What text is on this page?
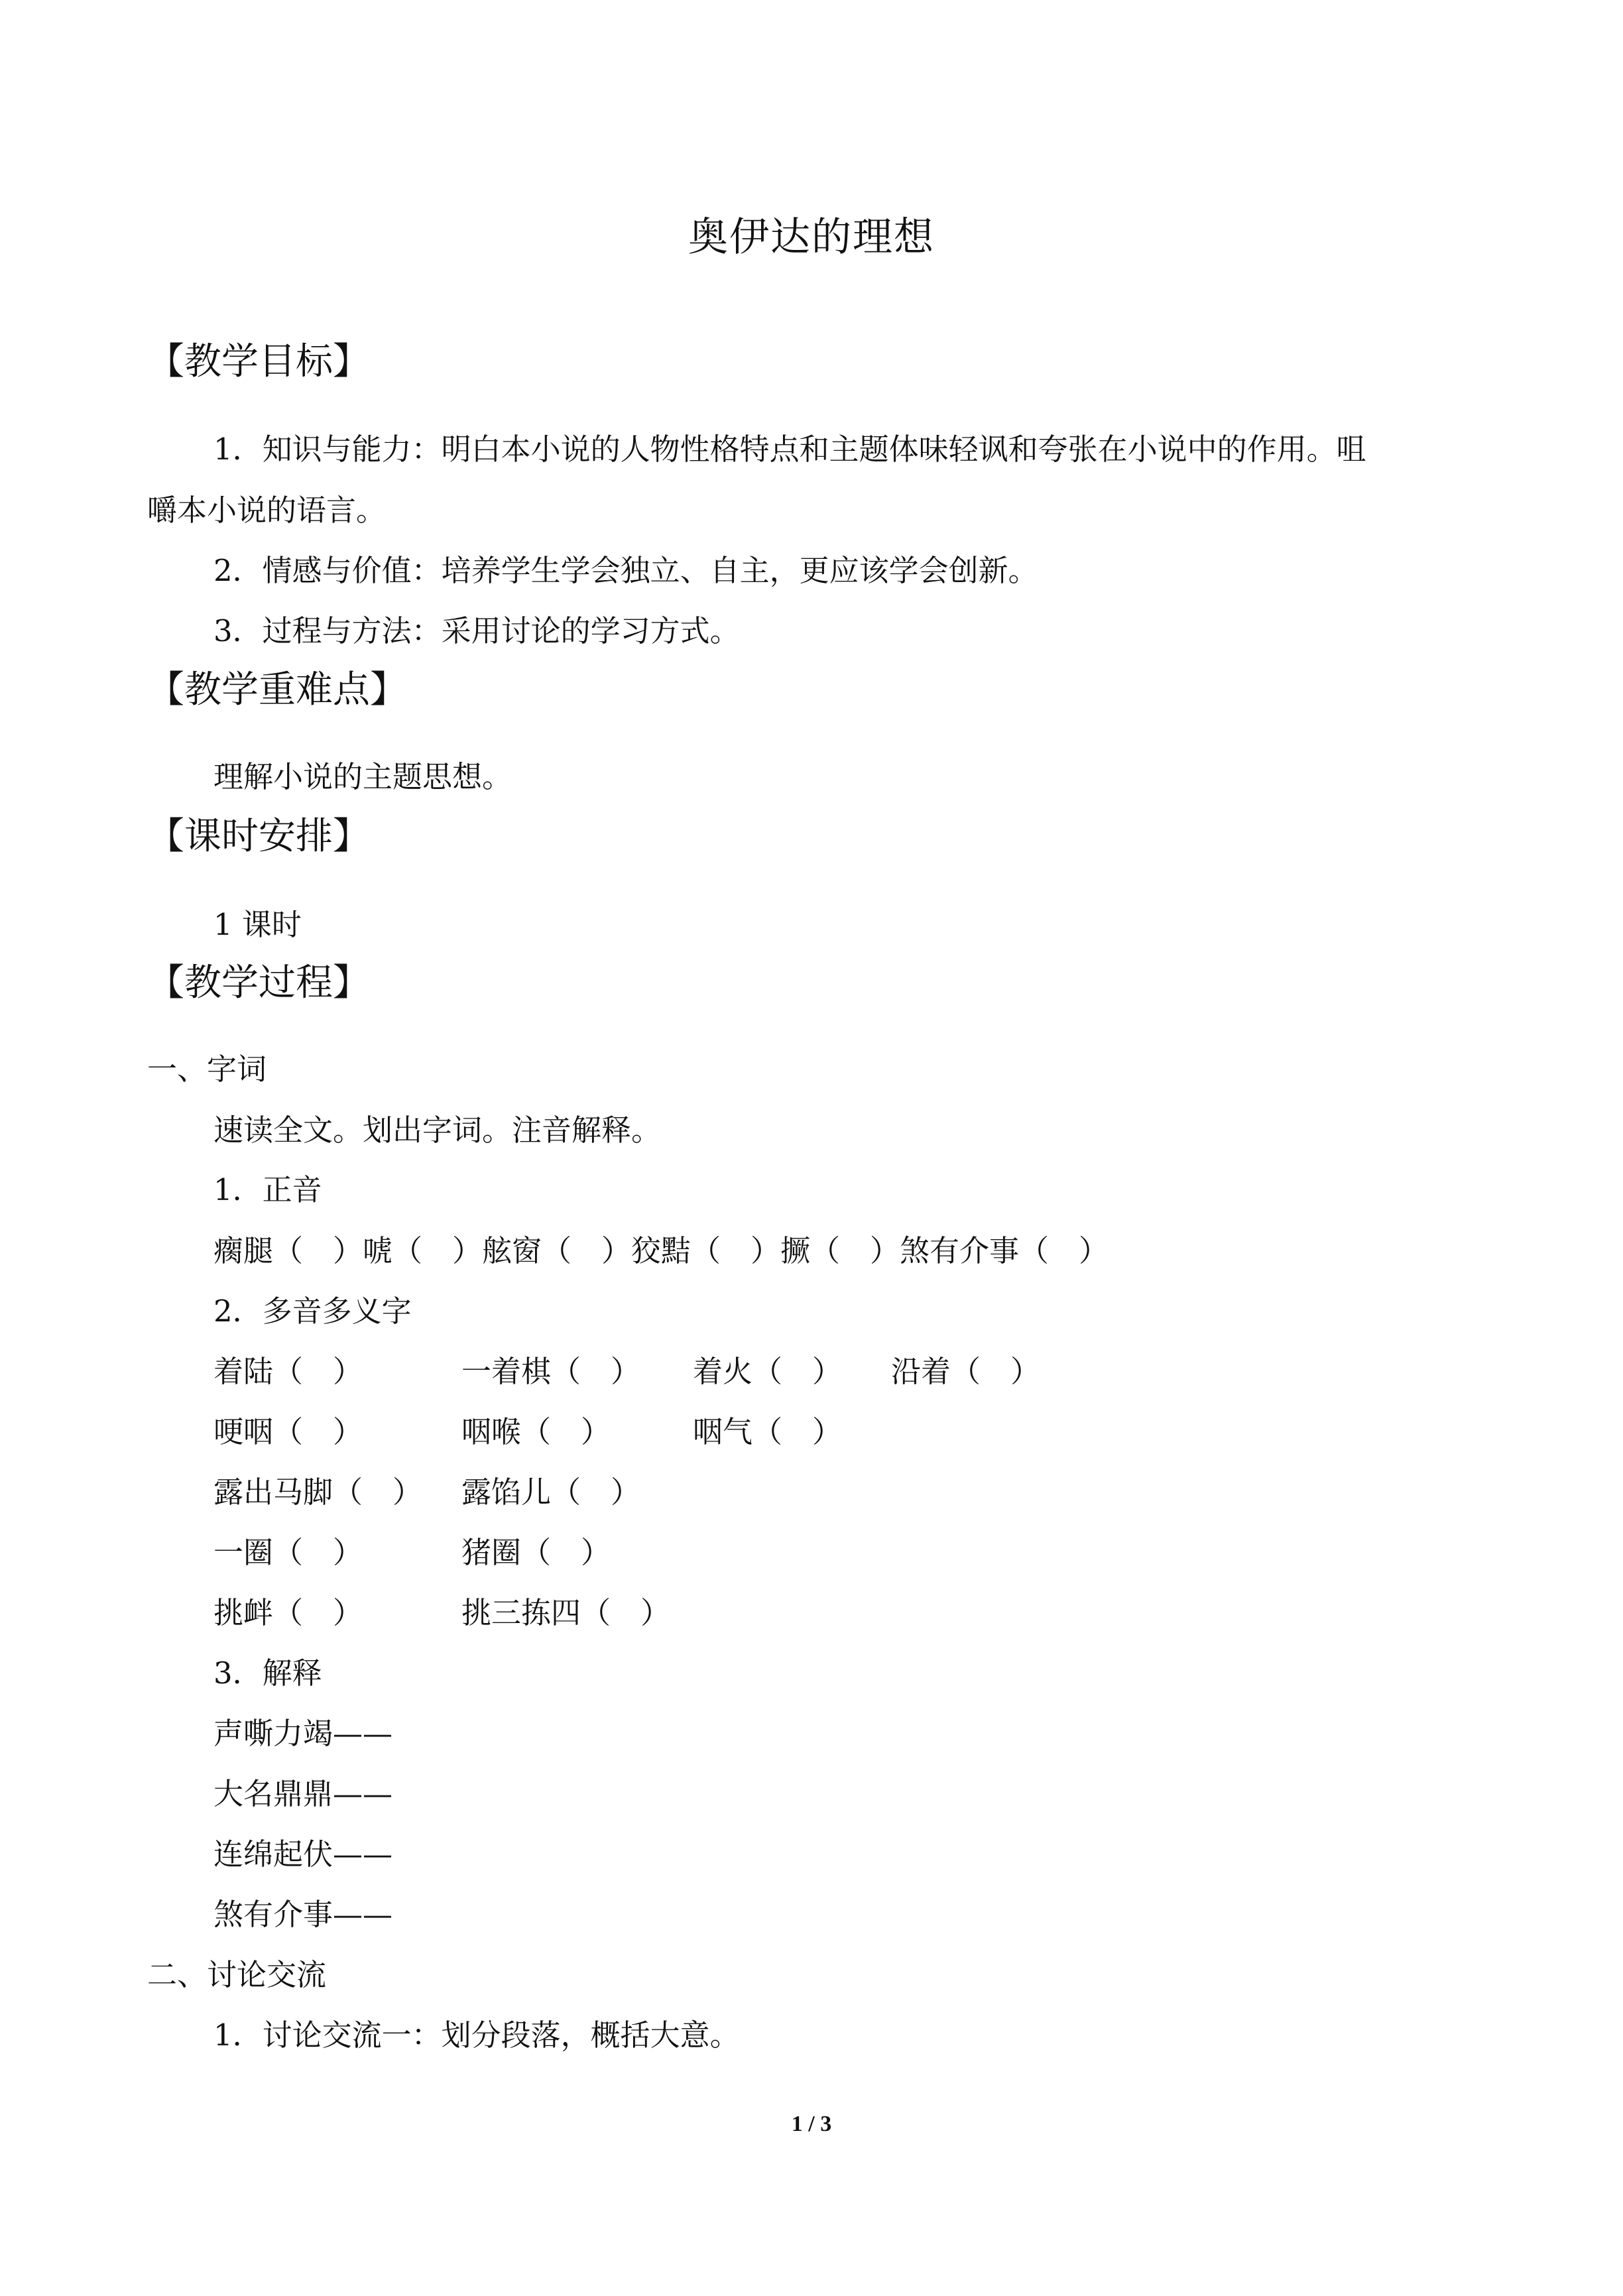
奥伊达的理想
【教学目标】
1．知识与能力：明白本小说的人物性格特点和主题体味轻讽和夸张在小说中的作用。咀
嚼本小说的语言。
2．情感与价值：培养学生学会独立、自主，更应该学会创新。
3．过程与方法：采用讨论的学习方式。
【教学重难点】
理解小说的主题思想。
【课时安排】
1 课时
【教学过程】
一、字词
速读全文。划出字词。注音解释。
1．正音
瘸腿（　）唬（　）舷窗（　）狡黠（　）撅（　）煞有介事（　）
2．多音多义字
着陆（　）	一着棋（　） 着火（　） 沿着（　）
哽咽（　）	咽喉（　）	咽气（　）
露出马脚（　） 露馅儿（　）
一圈（　）	猪圈（　）
挑衅（　）	挑三拣四（　）
3．解释
声嘶力竭——
大名鼎鼎——
连绵起伏——
煞有介事——
二、讨论交流
1．讨论交流一：划分段落，概括大意。
1 / 3
